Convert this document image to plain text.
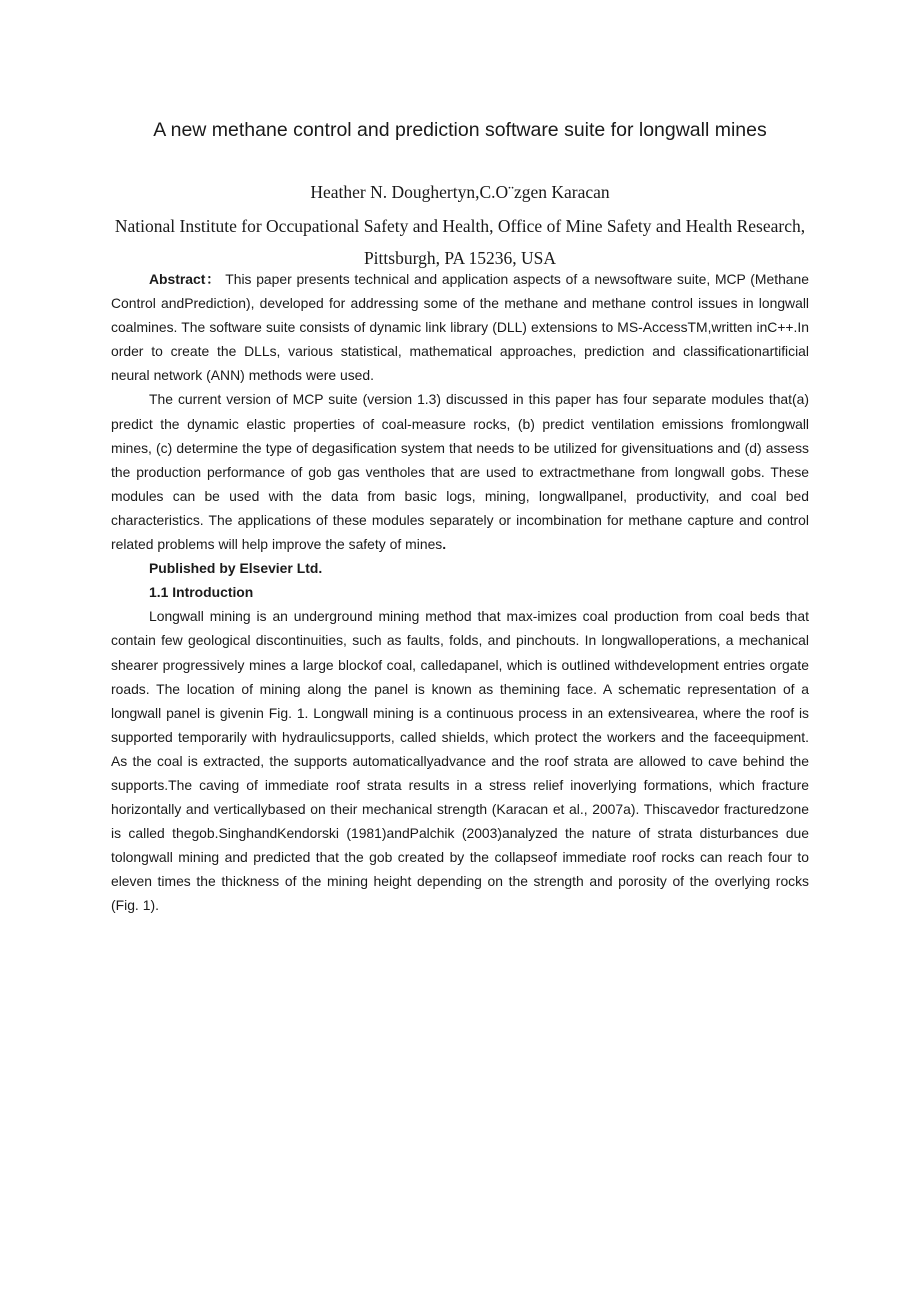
A new methane control and prediction software suite for longwall mines
Heather N. Doughertyn,C.O¨zgen Karacan
National Institute for Occupational Safety and Health, Office of Mine Safety and Health Research, Pittsburgh, PA 15236, USA

Abstract： This paper presents technical and application aspects of a newsoftware suite, MCP (Methane Control andPrediction), developed for addressing some of the methane and methane control issues in longwall coalmines. The software suite consists of dynamic link library (DLL) extensions to MS-AccessTM,written inC++.In order to create the DLLs, various statistical, mathematical approaches, prediction and classificationartificial neural network (ANN) methods were used.

The current version of MCP suite (version 1.3) discussed in this paper has four separate modules that(a) predict the dynamic elastic properties of coal-measure rocks, (b) predict ventilation emissions fromlongwall mines, (c) determine the type of degasification system that needs to be utilized for givensituations and (d) assess the production performance of gob gas ventholes that are used to extractmethane from longwall gobs. These modules can be used with the data from basic logs, mining, longwallpanel, productivity, and coal bed characteristics. The applications of these modules separately or incombination for methane capture and control related problems will help improve the safety of mines.

Published by Elsevier Ltd.

1.1 Introduction

Longwall mining is an underground mining method that max-imizes coal production from coal beds that contain few geological discontinuities, such as faults, folds, and pinchouts. In longwalloperations, a mechanical shearer progressively mines a large blockof coal, calledapanel, which is outlined withdevelopment entries orgate roads. The location of mining along the panel is known as themining face. A schematic representation of a longwall panel is givenin Fig. 1. Longwall mining is a continuous process in an extensivearea, where the roof is supported temporarily with hydraulicsupports, called shields, which protect the workers and the faceequipment. As the coal is extracted, the supports automaticallyadvance and the roof strata are allowed to cave behind the supports.The caving of immediate roof strata results in a stress relief inoverlying formations, which fracture horizontally and verticallybased on their mechanical strength (Karacan et al., 2007a). Thiscavedor fracturedzone is called thegob.SinghandKendorski (1981)andPalchik (2003)analyzed the nature of strata disturbances due tolongwall mining and predicted that the gob created by the collapseof immediate roof rocks can reach four to eleven times the thickness of the mining height depending on the strength and porosity of the overlying rocks (Fig. 1).
